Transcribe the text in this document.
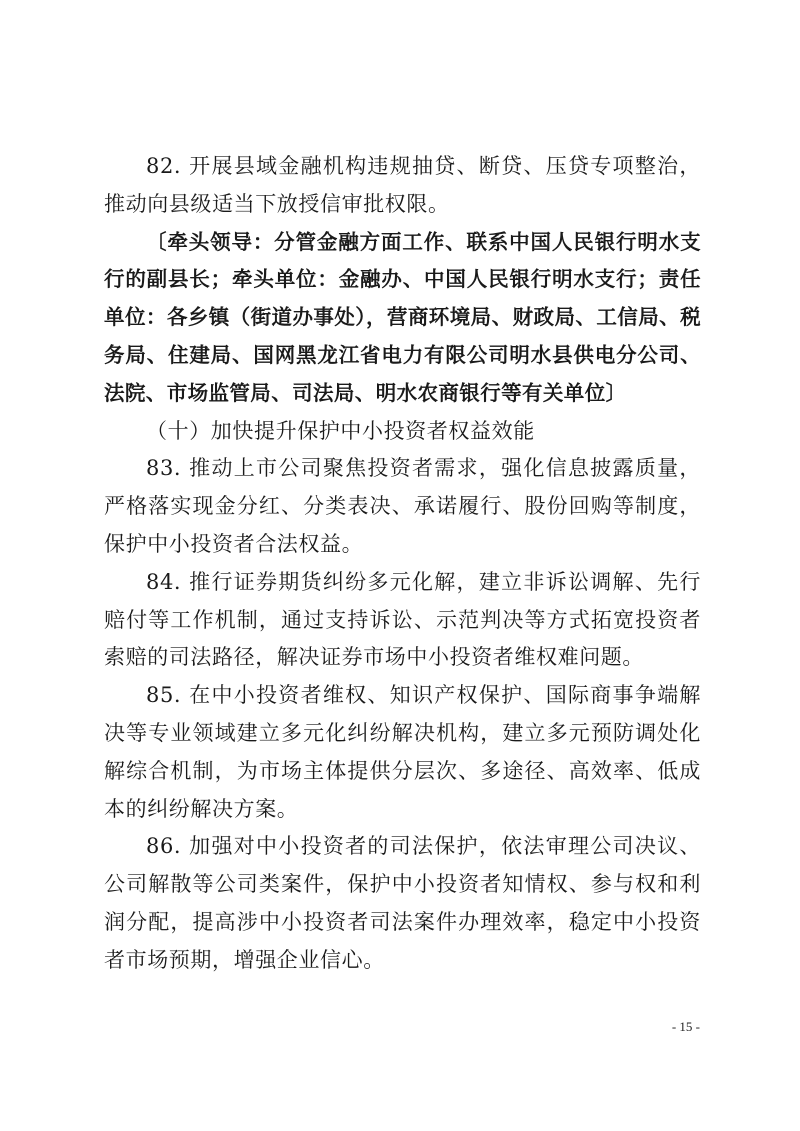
82. 开展县域金融机构违规抽贷、断贷、压贷专项整治，推动向县级适当下放授信审批权限。

〔牵头领导：分管金融方面工作、联系中国人民银行明水支行的副县长；牵头单位：金融办、中国人民银行明水支行；责任单位：各乡镇（街道办事处），营商环境局、财政局、工信局、税务局、住建局、国网黑龙江省电力有限公司明水县供电分公司、法院、市场监管局、司法局、明水农商银行等有关单位〕

（十）加快提升保护中小投资者权益效能

83. 推动上市公司聚焦投资者需求，强化信息披露质量，严格落实现金分红、分类表决、承诺履行、股份回购等制度，保护中小投资者合法权益。

84. 推行证券期货纠纷多元化解，建立非诉讼调解、先行赔付等工作机制，通过支持诉讼、示范判决等方式拓宽投资者索赔的司法路径，解决证券市场中小投资者维权难问题。

85. 在中小投资者维权、知识产权保护、国际商事争端解决等专业领域建立多元化纠纷解决机构，建立多元预防调处化解综合机制，为市场主体提供分层次、多途径、高效率、低成本的纠纷解决方案。

86. 加强对中小投资者的司法保护，依法审理公司决议、公司解散等公司类案件，保护中小投资者知情权、参与权和利润分配，提高涉中小投资者司法案件办理效率，稳定中小投资者市场预期，增强企业信心。

- 15 -
